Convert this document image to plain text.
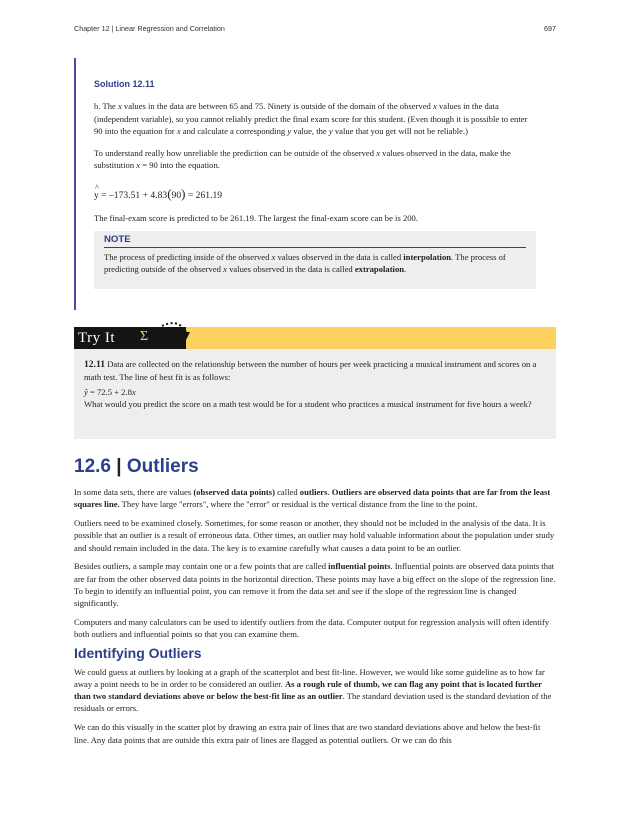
Chapter 12 | Linear Regression and Correlation	697

Solution 12.11

b. The x values in the data are between 65 and 75. Ninety is outside of the domain of the observed x values in the data (independent variable), so you cannot reliably predict the final exam score for this student. (Even though it is possible to enter 90 into the equation for x and calculate a corresponding y value, the y value that you get will not be reliable.)

To understand really how unreliable the prediction can be outside of the observed x values observed in the data, make the substitution x = 90 into the equation.

^ y = –173.51 + 4.83(90) = 261.19

The final-exam score is predicted to be 261.19. The largest the final-exam score can be is 200.

NOTE
The process of predicting inside of the observed x values observed in the data is called interpolation. The process of predicting outside of the observed x values observed in the data is called extrapolation.
Try It	Σ

12.11 Data are collected on the relationship between the number of hours per week practicing a musical instrument and scores on a math test. The line of best fit is as follows:

ŷ = 72.5 + 2.8x

What would you predict the score on a math test would be for a student who practices a musical instrument for five hours a week?

12.6 | Outliers

In some data sets, there are values (observed data points) called outliers. Outliers are observed data points that are far from the least squares line. They have large "errors", where the "error" or residual is the vertical distance from the line to the point.

Outliers need to be examined closely. Sometimes, for some reason or another, they should not be included in the analysis of the data. It is possible that an outlier is a result of erroneous data. Other times, an outlier may hold valuable information about the population under study and should remain included in the data. The key is to examine carefully what causes a data point to be an outlier.

Besides outliers, a sample may contain one or a few points that are called influential points. Influential points are observed data points that are far from the other observed data points in the horizontal direction. These points may have a big effect on the slope of the regression line. To begin to identify an influential point, you can remove it from the data set and see if the slope of the regression line is changed significantly.

Computers and many calculators can be used to identify outliers from the data. Computer output for regression analysis will often identify both outliers and influential points so that you can examine them.

Identifying Outliers

We could guess at outliers by looking at a graph of the scatterplot and best fit-line. However, we would like some guideline as to how far away a point needs to be in order to be considered an outlier. As a rough rule of thumb, we can flag any point that is located further than two standard deviations above or below the best-fit line as an outlier. The standard deviation used is the standard deviation of the residuals or errors.

We can do this visually in the scatter plot by drawing an extra pair of lines that are two standard deviations above and below the best-fit line. Any data points that are outside this extra pair of lines are flagged as potential outliers. Or we can do this
